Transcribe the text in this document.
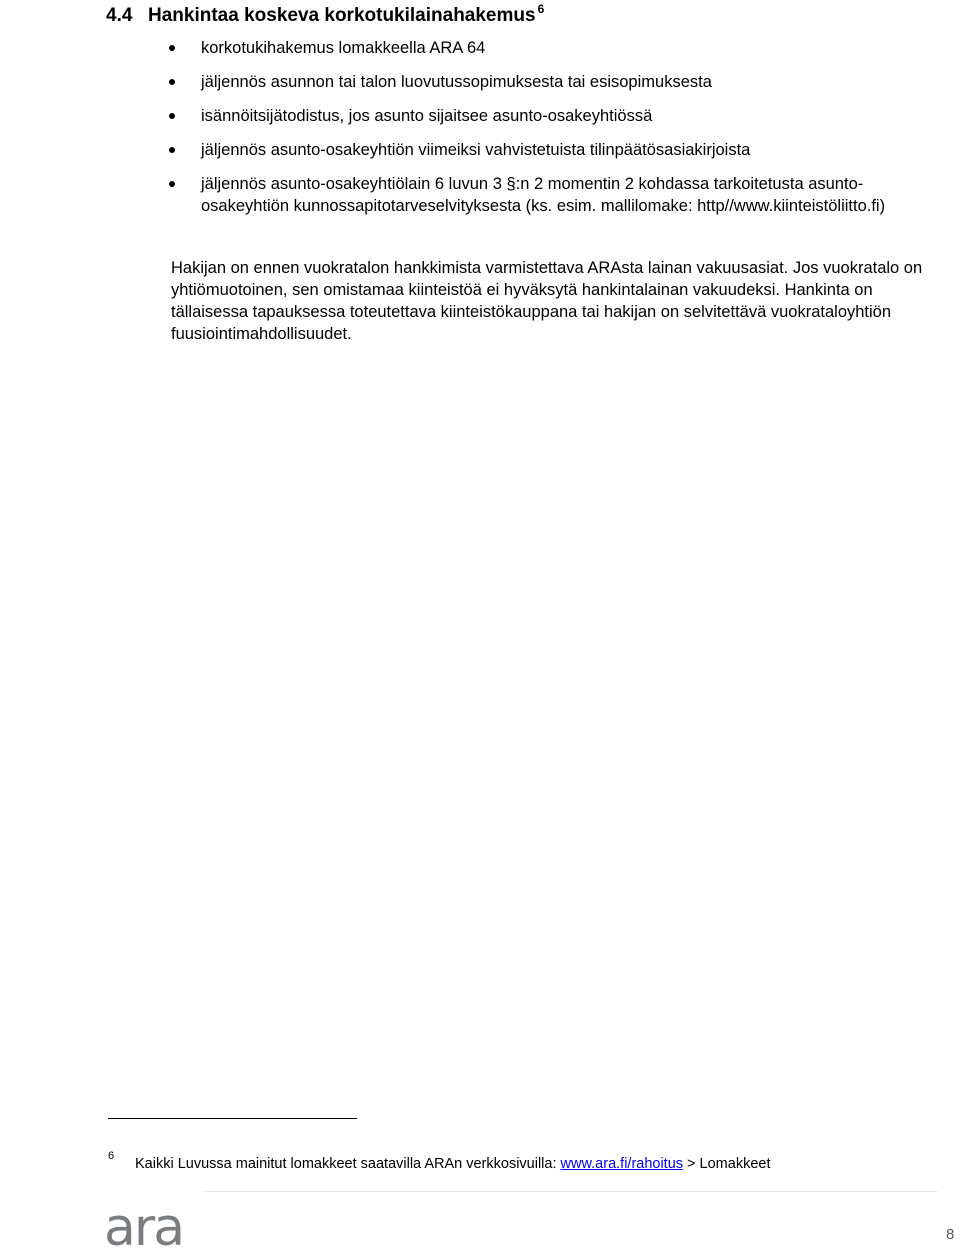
4.4 Hankintaa koskeva korkotukilainahakemus $^6$
korkotukihakemus lomakkeella ARA 64
jäljennös asunnon tai talon luovutussopimuksesta tai esisopimuksesta
isännöitsijätodistus, jos asunto sijaitsee asunto-osakeyhtiössä
jäljennös asunto-osakeyhtiön viimeiksi vahvistetuista tilinpäätösasiakirjoista
jäljennös asunto-osakeyhtiölain 6 luvun 3 §:n 2 momentin 2 kohdassa tarkoitetusta asunto-osakeyhtiön kunnossapitotarveselvityksesta (ks. esim. mallilomake: http//www.kiinteistöliitto.fi)

Hakijan on ennen vuokratalon hankkimista varmistettava ARAsta lainan vakuusasiat. Jos vuokratalo on yhtiömuotoinen, sen omistamaa kiinteistöä ei hyväksytä hankintalainan vakuudeksi. Hankinta on tällaisessa tapauksessa toteutettava kiinteistökauppana tai hakijan on selvitettävä vuokrataloyhtiön fuusiointimahdollisuudet.

6 Kaikki Luvussa mainitut lomakkeet saatavilla ARAn verkkosivuilla: www.ara.fi/rahoitus > Lomakkeet
ara	8
